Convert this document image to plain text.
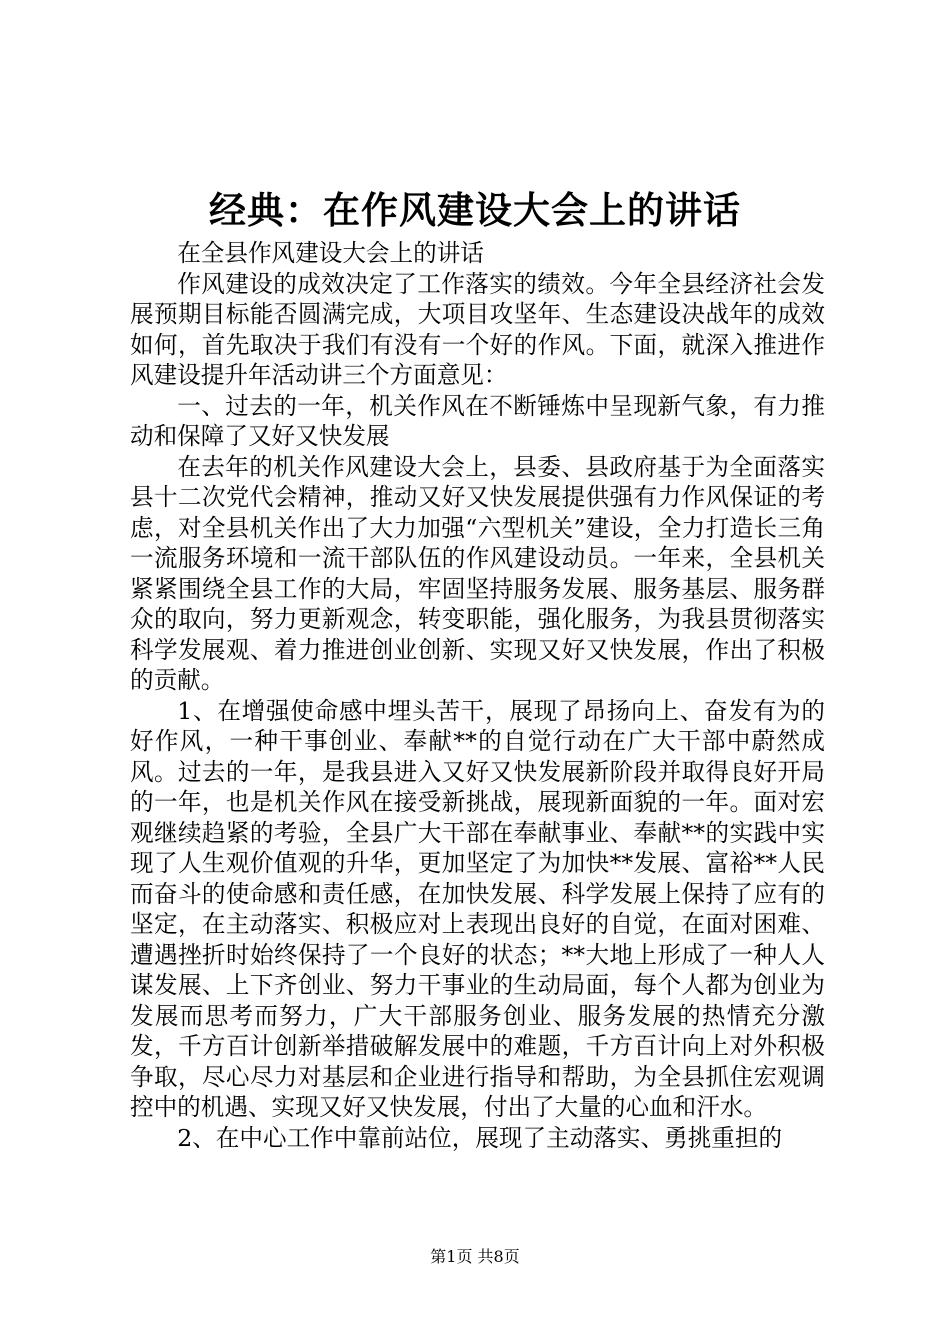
经典：在作风建设大会上的讲话

在全县作风建设大会上的讲话

作风建设的成效决定了工作落实的绩效。今年全县经济社会发展预期目标能否圆满完成，大项目攻坚年、生态建设决战年的成效如何，首先取决于我们有没有一个好的作风。下面，就深入推进作风建设提升年活动讲三个方面意见：

一、过去的一年，机关作风在不断锤炼中呈现新气象，有力推动和保障了又好又快发展

在去年的机关作风建设大会上，县委、县政府基于为全面落实县十二次党代会精神，推动又好又快发展提供强有力作风保证的考虑，对全县机关作出了大力加强“六型机关”建设，全力打造长三角一流服务环境和一流干部队伍的作风建设动员。一年来，全县机关紧紧围绕全县工作的大局，牢固坚持服务发展、服务基层、服务群众的取向，努力更新观念，转变职能，强化服务，为我县贯彻落实科学发展观、着力推进创业创新、实现又好又快发展，作出了积极的贡献。

1、在增强使命感中埋头苦干，展现了昂扬向上、奋发有为的好作风，一种干事创业、奉献**的自觉行动在广大干部中蔚然成风。过去的一年，是我县进入又好又快发展新阶段并取得良好开局的一年，也是机关作风在接受新挑战，展现新面貌的一年。面对宏观继续趋紧的考验，全县广大干部在奉献事业、奉献**的实践中实现了人生观价值观的升华，更加坚定了为加快**发展、富裕**人民而奋斗的使命感和责任感，在加快发展、科学发展上保持了应有的坚定，在主动落实、积极应对上表现出良好的自觉，在面对困难、遭遇挫折时始终保持了一个良好的状态；**大地上形成了一种人人谋发展、上下齐创业、努力干事业的生动局面，每个人都为创业为发展而思考而努力，广大干部服务创业、服务发展的热情充分激发，千方百计创新举措破解发展中的难题，千方百计向上对外积极争取，尽心尽力对基层和企业进行指导和帮助，为全县抓住宏观调控中的机遇、实现又好又快发展，付出了大量的心血和汗水。

2、在中心工作中靠前站位，展现了主动落实、勇挑重担的

第1页 共8页
